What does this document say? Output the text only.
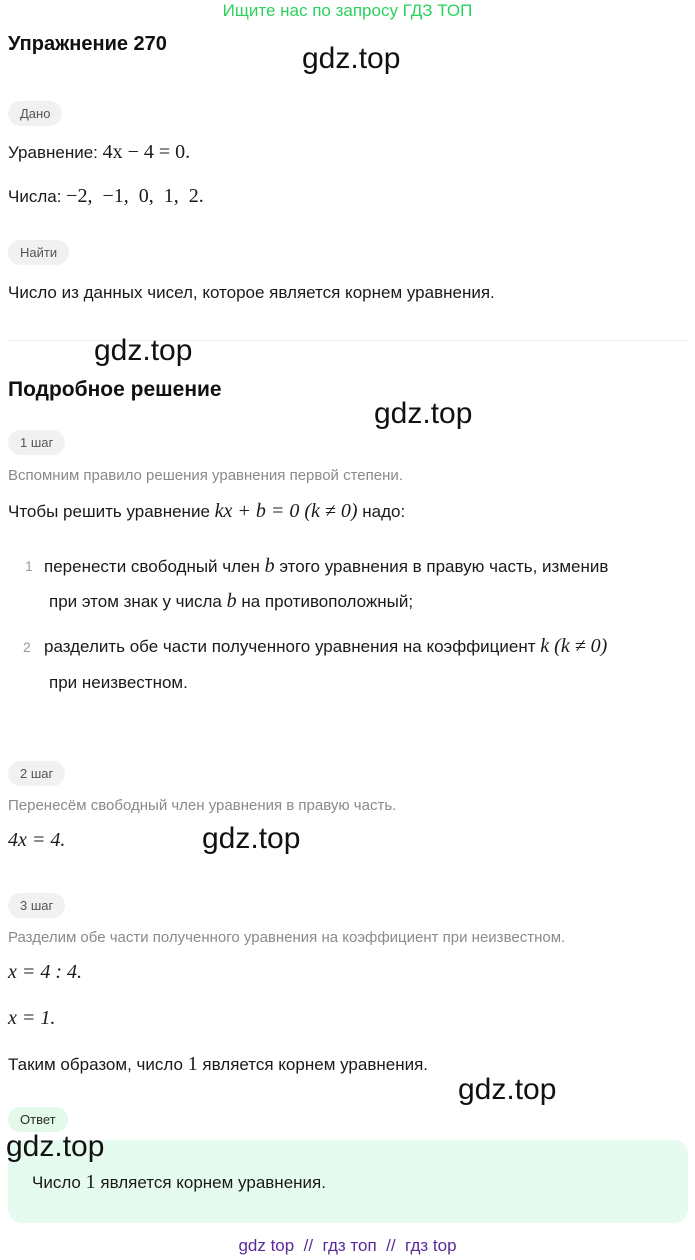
Ищите нас по запросу ГДЗ ТОП
Упражнение 270	gdz.top
Дано
Уравнение: 4x − 4 = 0.
Числа: −2,  −1,  0,  1,  2.
Найти
Число из данных чисел, которое является корнем уравнения.
gdz.top
Подробное решение
gdz.top
1 шаг
Вспомним правило решения уравнения первой степени.
Чтобы решить уравнение kx + b = 0 (k ≠ 0) надо:
1 перенести свободный член b этого уравнения в правую часть, изменив
при этом знак у числа b на противоположный;
2 разделить обе части полученного уравнения на коэффициент k (k ≠ 0)
при неизвестном.
2 шаг
Перенесём свободный член уравнения в правую часть.
4x = 4.	gdz.top
3 шаг
Разделим обе части полученного уравнения на коэффициент при неизвестном.
x = 4 : 4.
x = 1.
Таким образом, число 1 является корнем уравнения.
gdz.top
Ответ
Число 1 является корнем уравнения.
gdz.top
gdz top  //  гдз топ  //  гдз top
